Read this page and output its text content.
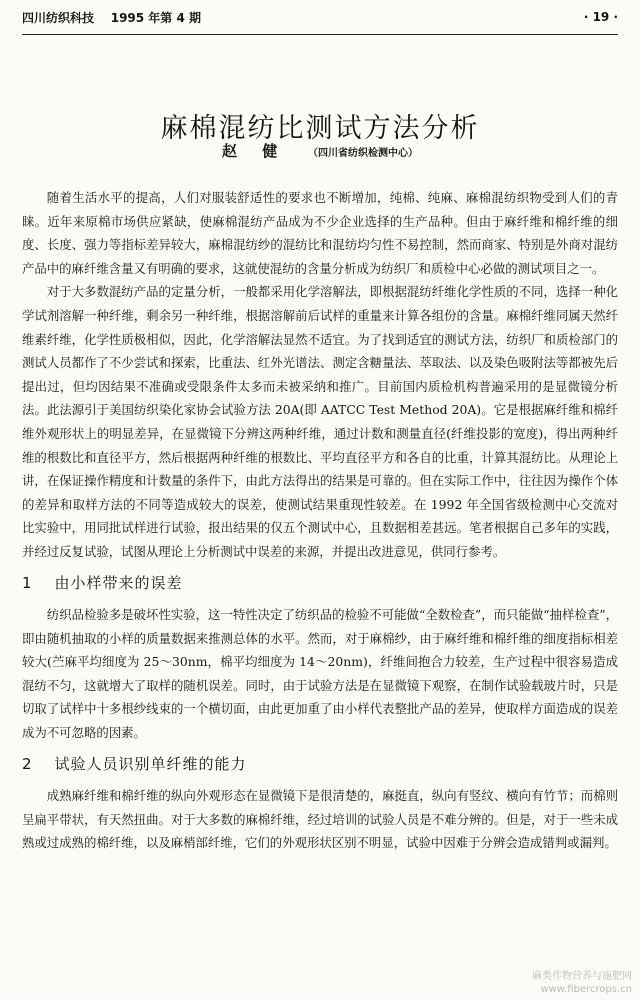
四川纺织科技 1995 年第 4 期	· 19 ·
麻棉混纺比测试方法分析
赵 健 （四川省纺织检测中心）

随着生活水平的提高，人们对服装舒适性的要求也不断增加，纯棉、纯麻、麻棉混纺织物受到人们的青睐。近年来原棉市场供应紧缺，使麻棉混纺产品成为不少企业选择的生产品种。但由于麻纤维和棉纤维的细度、长度、强力等指标差异较大，麻棉混纺纱的混纺比和混纺均匀性不易控制，然而商家、特别是外商对混纺产品中的麻纤维含量又有明确的要求，这就使混纺的含量分析成为纺织厂和质检中心必做的测试项目之一。

对于大多数混纺产品的定量分析，一般都采用化学溶解法，即根据混纺纤维化学性质的不同，选择一种化学试剂溶解一种纤维，剩余另一种纤维，根据溶解前后试样的重量来计算各组份的含量。麻棉纤维同属天然纤维素纤维，化学性质极相似，因此，化学溶解法显然不适宜。为了找到适宜的测试方法，纺织厂和质检部门的测试人员都作了不少尝试和探索，比重法、红外光谱法、测定含糖量法、萃取法、以及染色吸附法等都被先后提出过，但均因结果不准确或受限条件太多而未被采纳和推广。目前国内质检机构普遍采用的是显微镜分析法。此法源引于美国纺织染化家协会试验方法 20A(即 AATCC Test Method 20A)。它是根据麻纤维和棉纤维外观形状上的明显差异，在显微镜下分辨这两种纤维，通过计数和测量直径(纤维投影的宽度)，得出两种纤维的根数比和直径平方，然后根据两种纤维的根数比、平均直径平方和各自的比重，计算其混纺比。从理论上讲，在保证操作精度和计数量的条件下，由此方法得出的结果是可靠的。但在实际工作中，往往因为操作个体的差异和取样方法的不同等造成较大的误差，使测试结果重现性较差。在 1992 年全国省级检测中心交流对比实验中，用同批试样进行试验，报出结果的仅五个测试中心，且数据相差甚远。笔者根据自己多年的实践，并经过反复试验，试图从理论上分析测试中误差的来源，并提出改进意见，供同行参考。

1 由小样带来的误差

纺织品检验多是破坏性实验，这一特性决定了纺织品的检验不可能做“全数检查”，而只能做“抽样检查”，即由随机抽取的小样的质量数据来推测总体的水平。然而，对于麻棉纱，由于麻纤维和棉纤维的细度指标相差较大(苎麻平均细度为 25～30nm，棉平均细度为 14～20nm)，纤维间抱合力较差，生产过程中很容易造成混纺不匀，这就增大了取样的随机误差。同时，由于试验方法是在显微镜下观察，在制作试验载玻片时，只是切取了试样中十多根纱线束的一个横切面，由此更加重了由小样代表整批产品的差异，使取样方面造成的误差成为不可忽略的因素。

2 试验人员识别单纤维的能力

成熟麻纤维和棉纤维的纵向外观形态在显微镜下是很清楚的，麻挺直，纵向有竖纹、横向有竹节；而棉则呈扁平带状，有天然扭曲。对于大多数的麻棉纤维，经过培训的试验人员是不难分辨的。但是，对于一些未成熟或过成熟的棉纤维，以及麻梢部纤维，它们的外观形状区别不明显，试验中因难于分辨会造成错判或漏判。

麻类作物营养与施肥网
www.fibercrops.cn
